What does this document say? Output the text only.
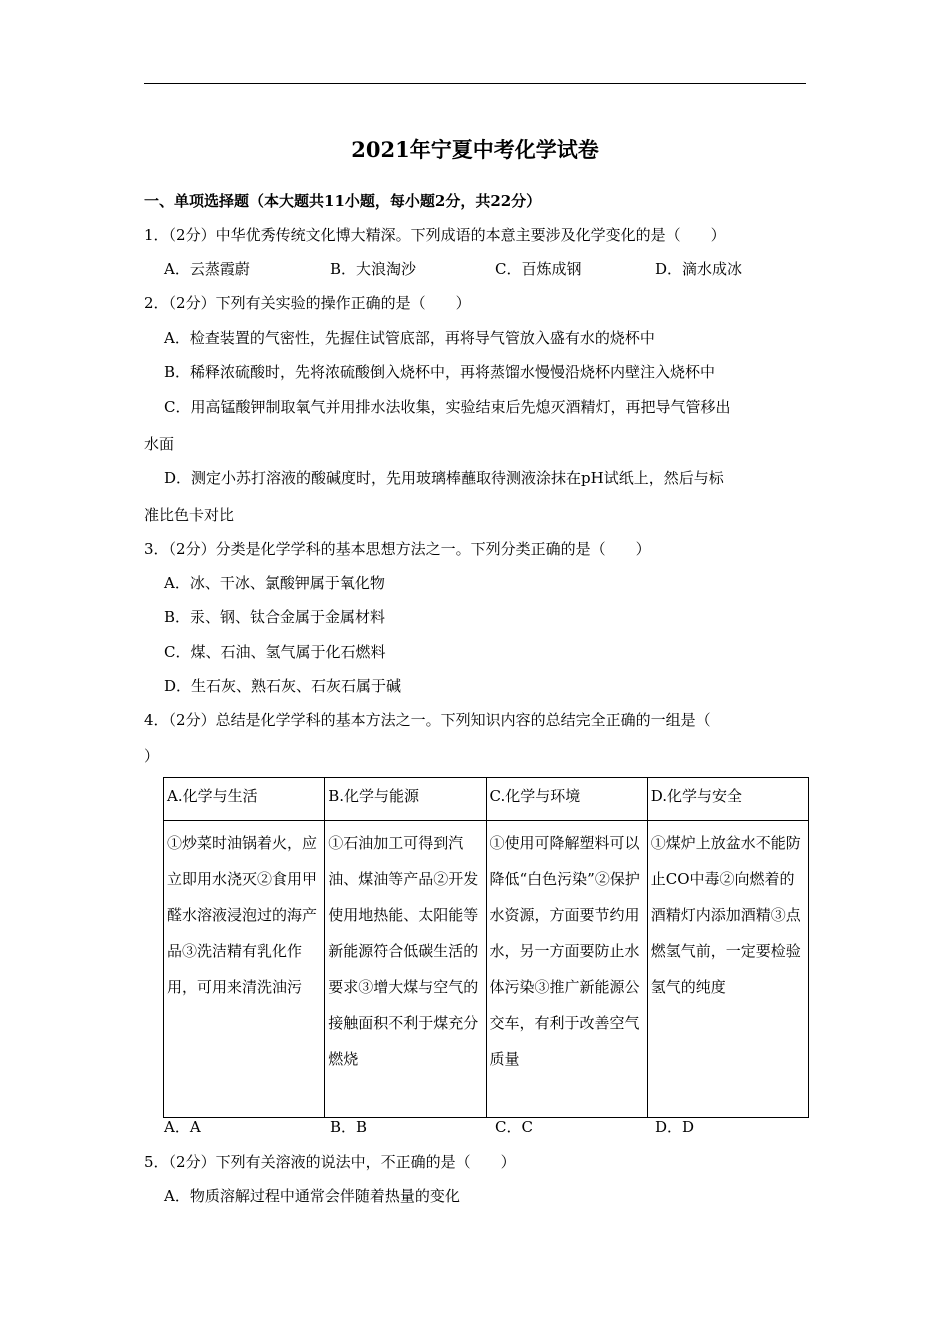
2021年宁夏中考化学试卷
一、单项选择题（本大题共11小题，每小题2分，共22分）
1．（2分）中华优秀传统文化博大精深。下列成语的本意主要涉及化学变化的是（　　）
A．云蒸霞蔚	B．大浪淘沙	C．百炼成钢	D．滴水成冰
2．（2分）下列有关实验的操作正确的是（　　）
A．检查装置的气密性，先握住试管底部，再将导气管放入盛有水的烧杯中
B．稀释浓硫酸时，先将浓硫酸倒入烧杯中，再将蒸馏水慢慢沿烧杯内壁注入烧杯中
C．用高锰酸钾制取氧气并用排水法收集，实验结束后先熄灭酒精灯，再把导气管移出
水面
D．测定小苏打溶液的酸碱度时，先用玻璃棒蘸取待测液涂抹在pH试纸上，然后与标
准比色卡对比
3．（2分）分类是化学学科的基本思想方法之一。下列分类正确的是（　　）
A．冰、干冰、氯酸钾属于氧化物
B．汞、钢、钛合金属于金属材料
C．煤、石油、氢气属于化石燃料
D．生石灰、熟石灰、石灰石属于碱
4．（2分）总结是化学学科的基本方法之一。下列知识内容的总结完全正确的一组是（
）
A.化学与生活	B.化学与能源	C.化学与环境	D.化学与安全
①炒菜时油锅着火，应立即用水浇灭②食用甲醛水溶液浸泡过的海产品③洗洁精有乳化作用，可用来清洗油污	①石油加工可得到汽油、煤油等产品②开发使用地热能、太阳能等新能源符合低碳生活的要求③增大煤与空气的接触面积不利于煤充分燃烧	①使用可降解塑料可以降低“白色污染”②保护水资源，方面要节约用水，另一方面要防止水体污染③推广新能源公交车，有利于改善空气质量	①煤炉上放盆水不能防止CO中毒②向燃着的酒精灯内添加酒精③点燃氢气前，一定要检验氢气的纯度
A．A	B．B	C．C	D．D
5．（2分）下列有关溶液的说法中，不正确的是（　　）
A．物质溶解过程中通常会伴随着热量的变化
